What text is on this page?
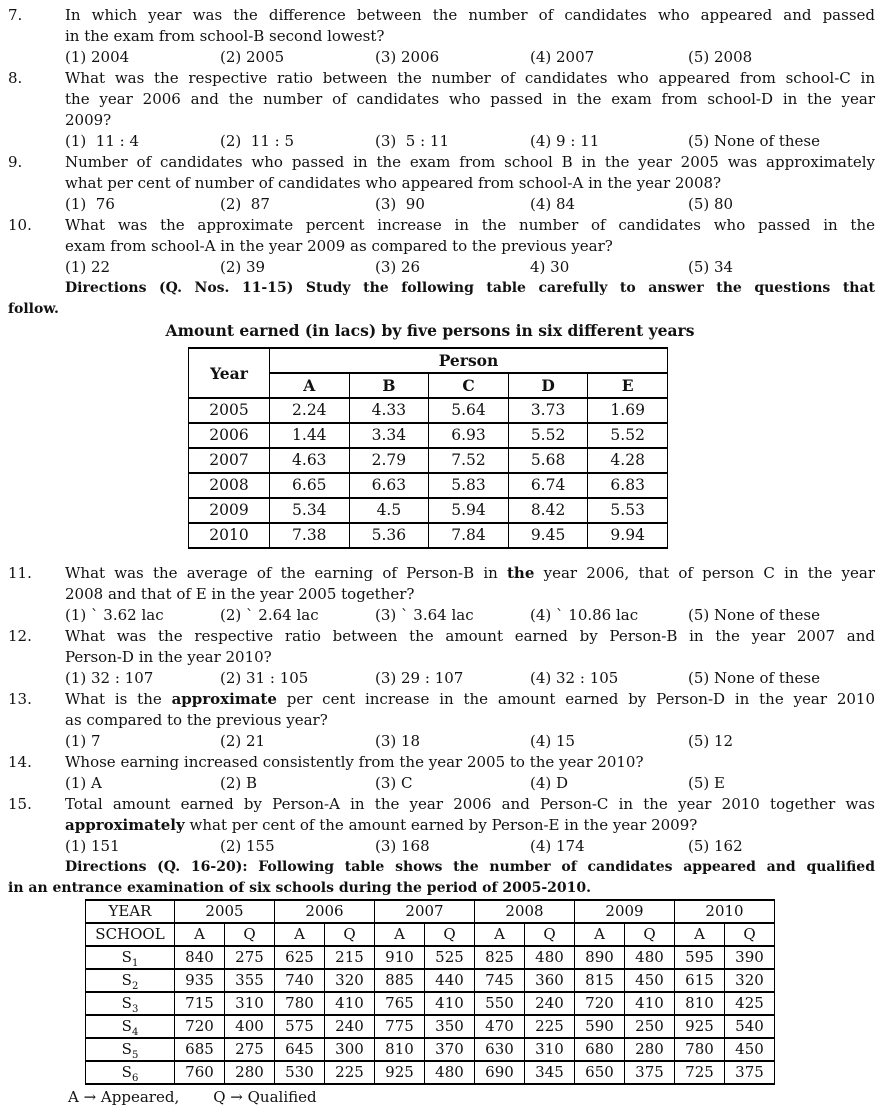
7.	In which year was the difference between the number of candidates who appeared and passed
in the exam from school-B second lowest?
(1) 2004	(2) 2005	(3) 2006	(4) 2007	(5) 2008
8.	What was the respective ratio between the number of candidates who appeared from school-C in
the year 2006 and the number of candidates who passed in the exam from school-D in the year
2009?
(1)  11 : 4	(2)  11 : 5	(3)  5 : 11	(4) 9 : 11	(5) None of these
9.	Number of candidates who passed in the exam from school B in the year 2005 was approximately
what per cent of number of candidates who appeared from school-A in the year 2008?
(1)  76	(2)  87	(3)  90	(4) 84	(5) 80
10.	What was the approximate percent increase in the number of candidates who passed in the
exam from school-A in the year 2009 as compared to the previous year?
(1) 22	(2) 39	(3) 26	4) 30	(5) 34
Directions (Q. Nos. 11-15) Study the following table carefully to answer the questions that
follow.
Amount earned (in lacs) by five persons in six different years
Year	Person				
	A	B	C	D	E
2005	2.24	4.33	5.64	3.73	1.69
2006	1.44	3.34	6.93	5.52	5.52
2007	4.63	2.79	7.52	5.68	4.28
2008	6.65	6.63	5.83	6.74	6.83
2009	5.34	4.5	5.94	8.42	5.53
2010	7.38	5.36	7.84	9.45	9.94
11.	What was the average of the earning of Person-B in the year 2006, that of person C in the year
2008 and that of E in the year 2005 together?
(1) ` 3.62 lac	(2) ` 2.64 lac	(3) ` 3.64 lac	(4) ` 10.86 lac	(5) None of these
12.	What was the respective ratio between the amount earned by Person-B in the year 2007 and
Person-D in the year 2010?
(1) 32 : 107	(2) 31 : 105	(3) 29 : 107	(4) 32 : 105	(5) None of these
13.	What is the approximate per cent increase in the amount earned by Person-D in the year 2010
as compared to the previous year?
(1) 7	(2) 21	(3) 18	(4) 15	(5) 12
14.	Whose earning increased consistently from the year 2005 to the year 2010?
(1) A	(2) B	(3) C	(4) D	(5) E
15.	Total amount earned by Person-A in the year 2006 and Person-C in the year 2010 together was
approximately what per cent of the amount earned by Person-E in the year 2009?
(1) 151	(2) 155	(3) 168	(4) 174	(5) 162
Directions (Q. 16-20): Following table shows the number of candidates appeared and qualified
in an entrance examination of six schools during the period of 2005-2010.
YEAR	2005		2006		2007		2008		2009		2010	
SCHOOL	A	Q	A	Q	A	Q	A	Q	A	Q	A	Q
$S_1$	840	275	625	215	910	525	825	480	890	480	595	390
$S_2$	935	355	740	320	885	440	745	360	815	450	615	320
$S_3$	715	310	780	410	765	410	550	240	720	410	810	425
$S_4$	720	400	575	240	775	350	470	225	590	250	925	540
$S_5$	685	275	645	300	810	370	630	310	680	280	780	450
$S_6$	760	280	530	225	925	480	690	345	650	375	725	375
A → Appeared, Q → Qualified
